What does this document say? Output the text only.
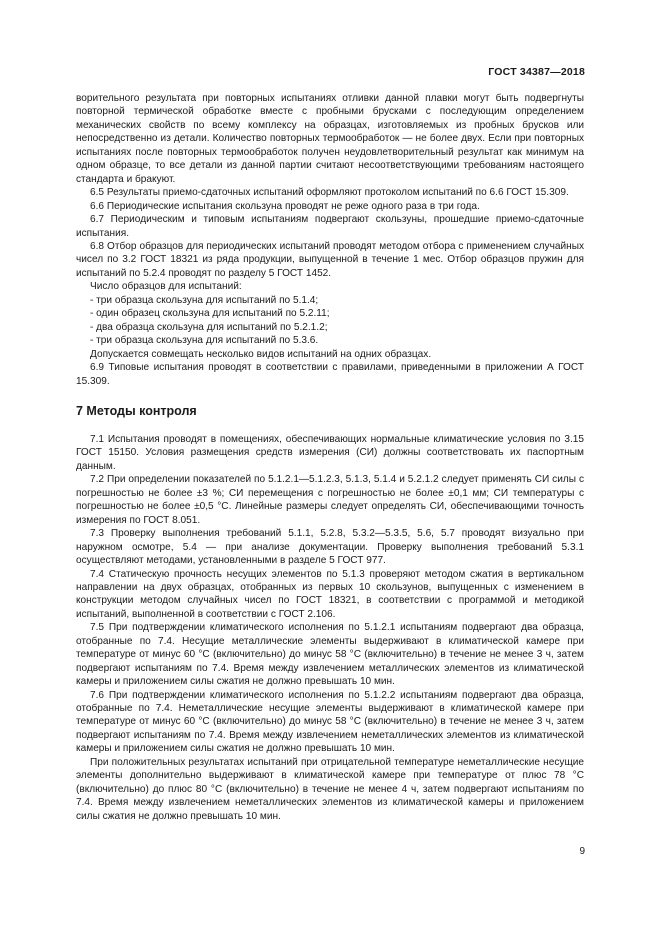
ГОСТ 34387—2018

ворительного результата при повторных испытаниях отливки данной плавки могут быть подвергнуты повторной термической обработке вместе с пробными брусками с последующим определением механических свойств по всему комплексу на образцах, изготовляемых из пробных брусков или непосредственно из детали. Количество повторных термообработок — не более двух. Если при повторных испытаниях после повторных термообработок получен неудовлетворительный результат как минимум на одном образце, то все детали из данной партии считают несоответствующими требованиям настоящего стандарта и бракуют.

6.5 Результаты приемо-сдаточных испытаний оформляют протоколом испытаний по 6.6 ГОСТ 15.309.

6.6 Периодические испытания скользуна проводят не реже одного раза в три года.

6.7 Периодическим и типовым испытаниям подвергают скользуны, прошедшие приемо-сдаточные испытания.

6.8 Отбор образцов для периодических испытаний проводят методом отбора с применением случайных чисел по 3.2 ГОСТ 18321 из ряда продукции, выпущенной в течение 1 мес. Отбор образцов пружин для испытаний по 5.2.4 проводят по разделу 5 ГОСТ 1452.

Число образцов для испытаний:

- три образца скользуна для испытаний по 5.1.4;

- один образец скользуна для испытаний по 5.2.11;

- два образца скользуна для испытаний по 5.2.1.2;

- три образца скользуна для испытаний по 5.3.6.

Допускается совмещать несколько видов испытаний на одних образцах.

6.9 Типовые испытания проводят в соответствии с правилами, приведенными в приложении А ГОСТ 15.309.

7 Методы контроля

7.1 Испытания проводят в помещениях, обеспечивающих нормальные климатические условия по 3.15 ГОСТ 15150. Условия размещения средств измерения (СИ) должны соответствовать их паспортным данным.

7.2 При определении показателей по 5.1.2.1—5.1.2.3, 5.1.3, 5.1.4 и 5.2.1.2 следует применять СИ силы с погрешностью не более ±3 %; СИ перемещения с погрешностью не более ±0,1 мм; СИ температуры с погрешностью не более ±0,5 °С. Линейные размеры следует определять СИ, обеспечивающими точность измерения по ГОСТ 8.051.

7.3 Проверку выполнения требований 5.1.1, 5.2.8, 5.3.2—5.3.5, 5.6, 5.7 проводят визуально при наружном осмотре, 5.4 — при анализе документации. Проверку выполнения требований 5.3.1 осуществляют методами, установленными в разделе 5 ГОСТ 977.

7.4 Статическую прочность несущих элементов по 5.1.3 проверяют методом сжатия в вертикальном направлении на двух образцах, отобранных из первых 10 скользунов, выпущенных с изменением в конструкции методом случайных чисел по ГОСТ 18321, в соответствии с программой и методикой испытаний, выполненной в соответствии с ГОСТ 2.106.

7.5 При подтверждении климатического исполнения по 5.1.2.1 испытаниям подвергают два образца, отобранные по 7.4. Несущие металлические элементы выдерживают в климатической камере при температуре от минус 60 °С (включительно) до минус 58 °С (включительно) в течение не менее 3 ч, затем подвергают испытаниям по 7.4. Время между извлечением металлических элементов из климатической камеры и приложением силы сжатия не должно превышать 10 мин.

7.6 При подтверждении климатического исполнения по 5.1.2.2 испытаниям подвергают два образца, отобранные по 7.4. Неметаллические несущие элементы выдерживают в климатической камере при температуре от минус 60 °С (включительно) до минус 58 °С (включительно) в течение не менее 3 ч, затем подвергают испытаниям по 7.4. Время между извлечением неметаллических элементов из климатической камеры и приложением силы сжатия не должно превышать 10 мин.

При положительных результатах испытаний при отрицательной температуре неметаллические несущие элементы дополнительно выдерживают в климатической камере при температуре от плюс 78 °С (включительно) до плюс 80 °С (включительно) в течение не менее 4 ч, затем подвергают испытаниям по 7.4. Время между извлечением неметаллических элементов из климатической камеры и приложением силы сжатия не должно превышать 10 мин.

9
